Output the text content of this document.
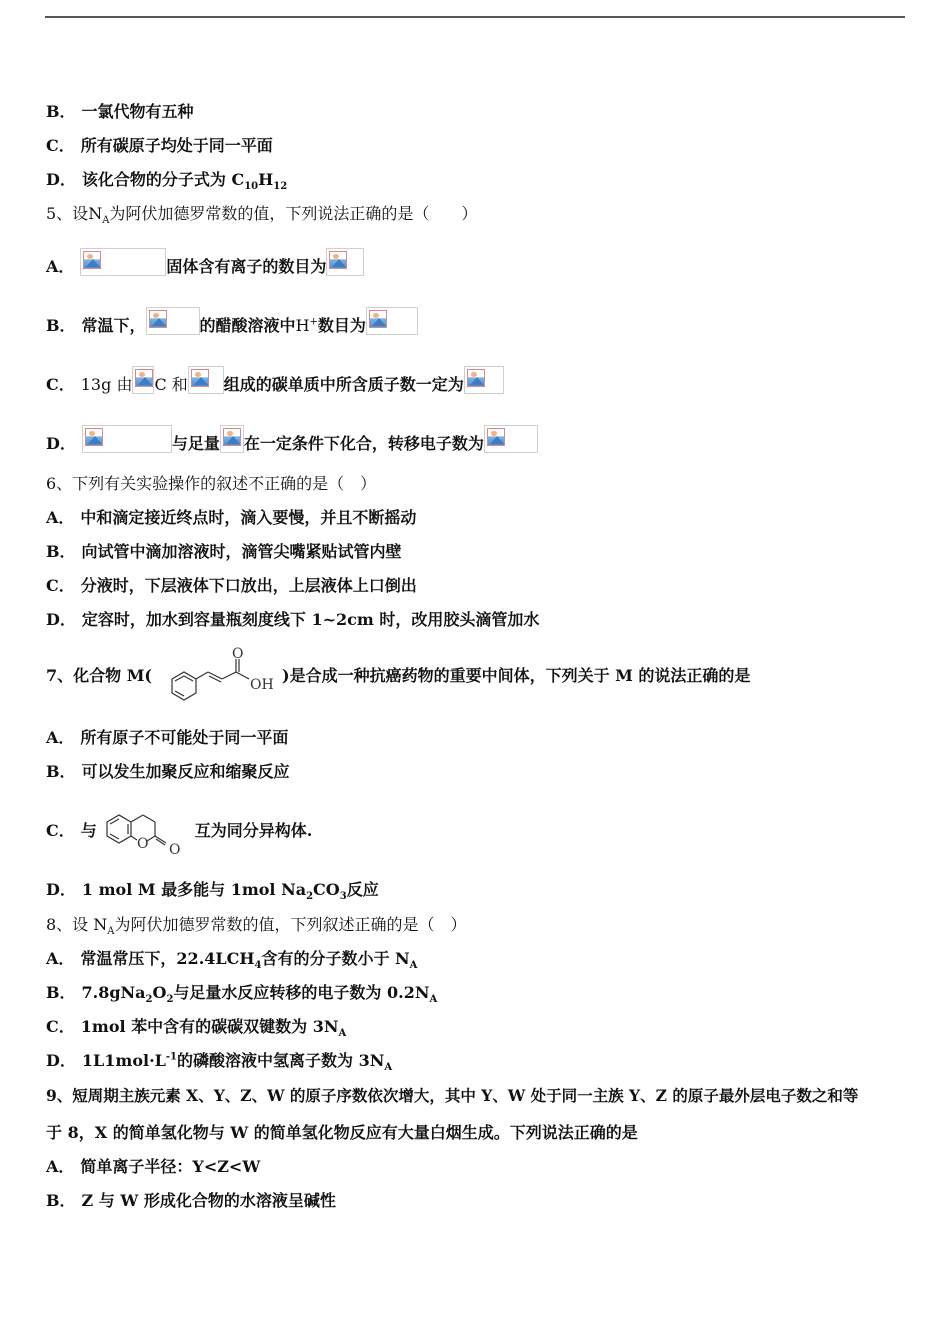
B． 一氯代物有五种
C． 所有碳原子均处于同一平面
D． 该化合物的分子式为 $C_{10}H_{12}$
5、设$N_A$为阿伏加德罗常数的值，下列说法正确的是（　　）
A．	固体含有离子的数目为
B． 常温下，	的醋酸溶液中H+数目为
C． 13g 由 C 和 组成的碳单质中所含质子数一定为
D．	与足量 在一定条件下化合，转移电子数为
6、下列有关实验操作的叙述不正确的是（　）
A． 中和滴定接近终点时，滴入要慢，并且不断摇动
B． 向试管中滴加溶液时，滴管尖嘴紧贴试管内壁
C． 分液时，下层液体下口放出，上层液体上口倒出
D． 定容时，加水到容量瓶刻度线下 1~2cm 时，改用胶头滴管加水
7、化合物 M(
O
OH )是合成一种抗癌药物的重要中间体，下列关于 M 的说法正确的是
A． 所有原子不可能处于同一平面
B． 可以发生加聚反应和缩聚反应
C． 与
O O
互为同分异构体.
D． 1 mol M 最多能与 1mol $Na_2CO_3$反应
8、设 $N_A$为阿伏加德罗常数的值，下列叙述正确的是（　）
A． 常温常压下，$22.4LCH_4$含有的分子数小于 $N_A$
B． $7.8gNa_2O_2$与足量水反应转移的电子数为 $0.2N_A$
C． 1mol 苯中含有的碳碳双键数为 $3N_A$
D． $1L1mol\cdot L^{-1}$的磷酸溶液中氢离子数为 $3N_A$
9、短周期主族元素 X、Y、Z、W 的原子序数依次增大，其中 Y、W 处于同一主族 Y、Z 的原子最外层电子数之和等
于 8，X 的简单氢化物与 W 的简单氢化物反应有大量白烟生成。下列说法正确的是
A． 简单离子半径：Y<Z<W
B． Z 与 W 形成化合物的水溶液呈碱性
